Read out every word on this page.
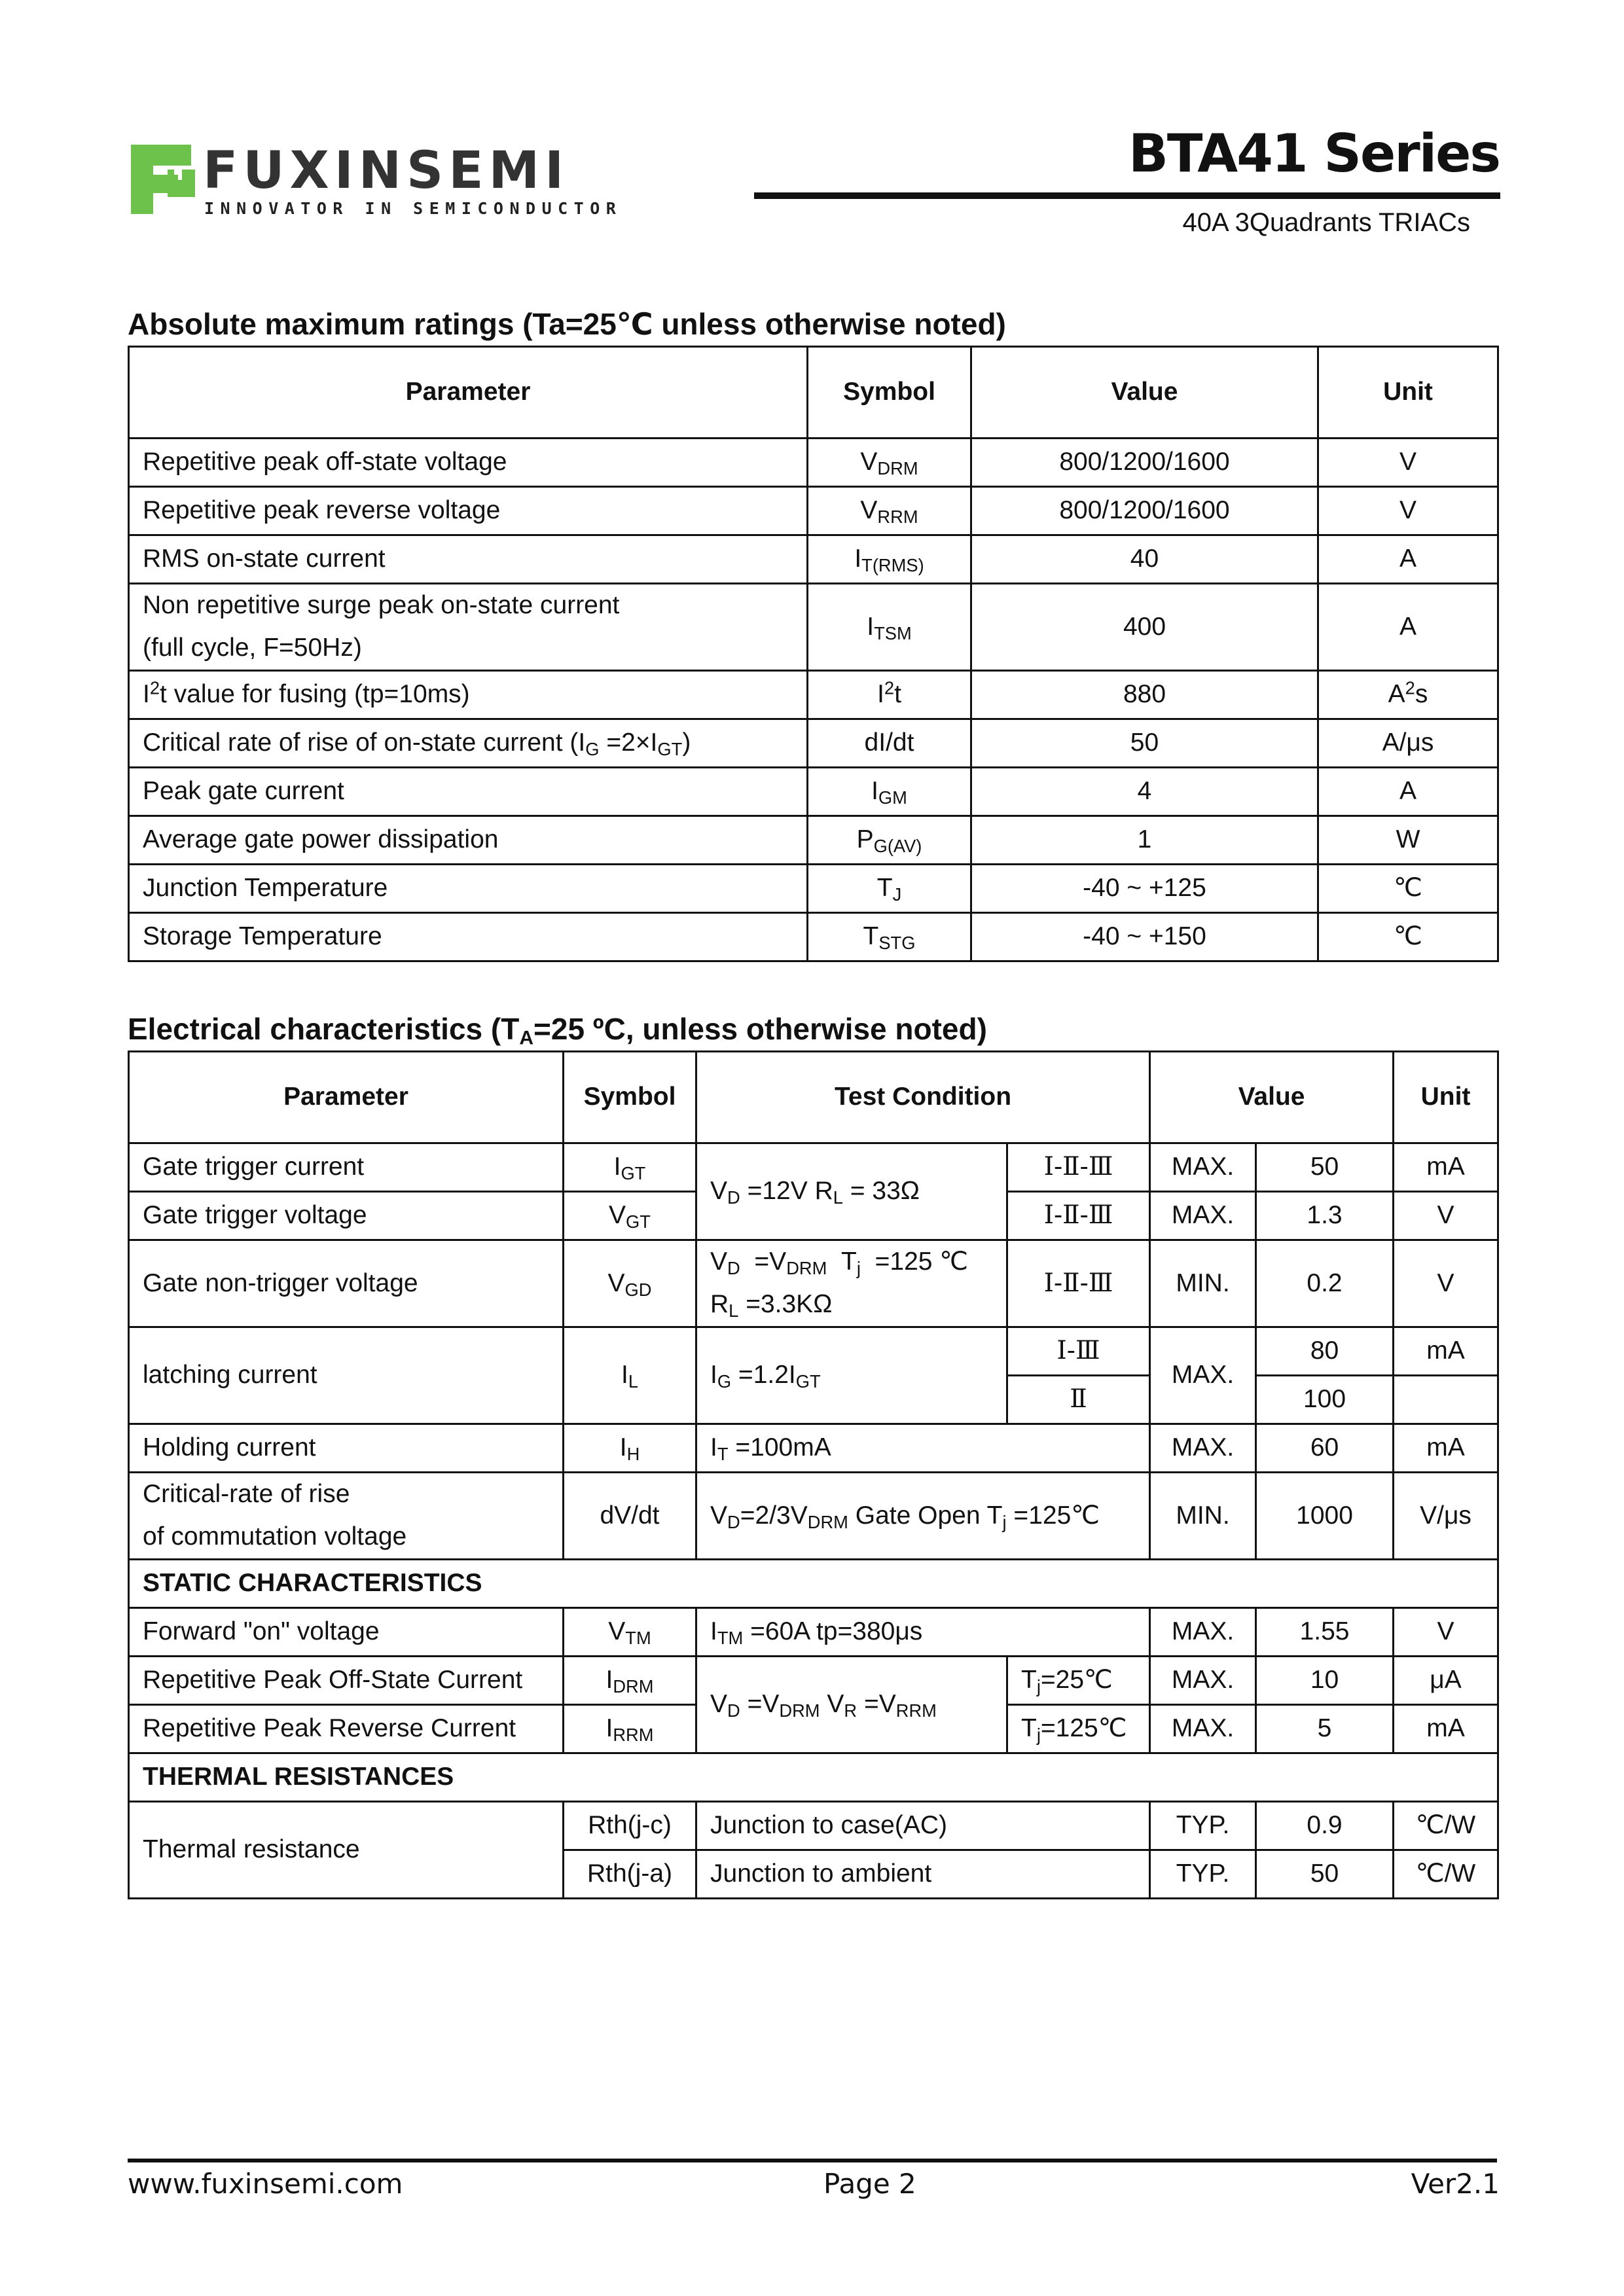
FUXINSEMI
INNOVATOR IN SEMICONDUCTOR
BTA41 Series
40A 3Quadrants TRIACs
Absolute maximum ratings (Ta=25℃ unless otherwise noted)
Parameter	Symbol	Value	Unit
Repetitive peak off-state voltage	$V_{DRM}$	800/1200/1600	V
Repetitive peak reverse voltage	$V_{RRM}$	800/1200/1600	V
RMS on-state current	$I_{T(RMS)}$	40	A

Non repetitive surge peak on-state current
(full cycle, F=50Hz)	$I_{TSM}$	400	A
$I^2t$ value for fusing (tp=10ms)	$I^2t$	880	$A^2s$
Critical rate of rise of on-state current $(I_G =2\times I_{GT})$	dI/dt	50	A/μs
Peak gate current	$I_{GM}$	4	A
Average gate power dissipation	$P_{G(AV)}$	1	W
Junction Temperature	$T_J$	-40 ~ +125	℃
Storage Temperature	$T_{STG}$	-40 ~ +150	℃
Electrical characteristics ($T_A=25$ ºC, unless otherwise noted)
Parameter	Symbol	Test Condition		Value		Unit
Gate trigger current	$I_{GT}$	$V_D =12V$ $R_L = 33\Omega$	Ⅰ-Ⅱ-Ⅲ	MAX.	50	mA
Gate trigger voltage	$V_{GT}$		Ⅰ-Ⅱ-Ⅲ	MAX.	1.3	V
Gate non-trigger voltage	$V_{GD}$	$V_D =V_{DRM}$  $T_j =125$ ℃
$R_L =3.3K\Omega$	Ⅰ-Ⅱ-Ⅲ	MIN.	0.2	V
latching current	$I_L$	$I_G =1.2I_{GT}$	Ⅰ-Ⅲ	MAX.	80	mA
			Ⅱ		100	
Holding current	$I_H$	$I_T =100mA$		MAX.	60	mA

Critical-rate of rise
of commutation voltage	dV/dt	$V_D=2/3V_{DRM}$ Gate Open $T_j$ =125℃		MIN.	1000	V/μs
STATIC CHARACTERISTICS						
Forward "on" voltage	$V_{TM}$	$I_{TM} =60A$ tp=380μs		MAX.	1.55	V
Repetitive Peak Off-State Current	$I_{DRM}$	$V_D =V_{DRM}$ $V_R =V_{RRM}$	$T_j=25℃$	MAX.	10	μA
Repetitive Peak Reverse Current	$I_{RRM}$		$T_j=125℃$	MAX.	5	mA
THERMAL RESISTANCES						
Thermal resistance	Rth(j-c)	Junction to case(AC)		TYP.	0.9	℃/W
	Rth(j-a)	Junction to ambient		TYP.	50	℃/W
www.fuxinsemi.com	Page 2	Ver2.1
